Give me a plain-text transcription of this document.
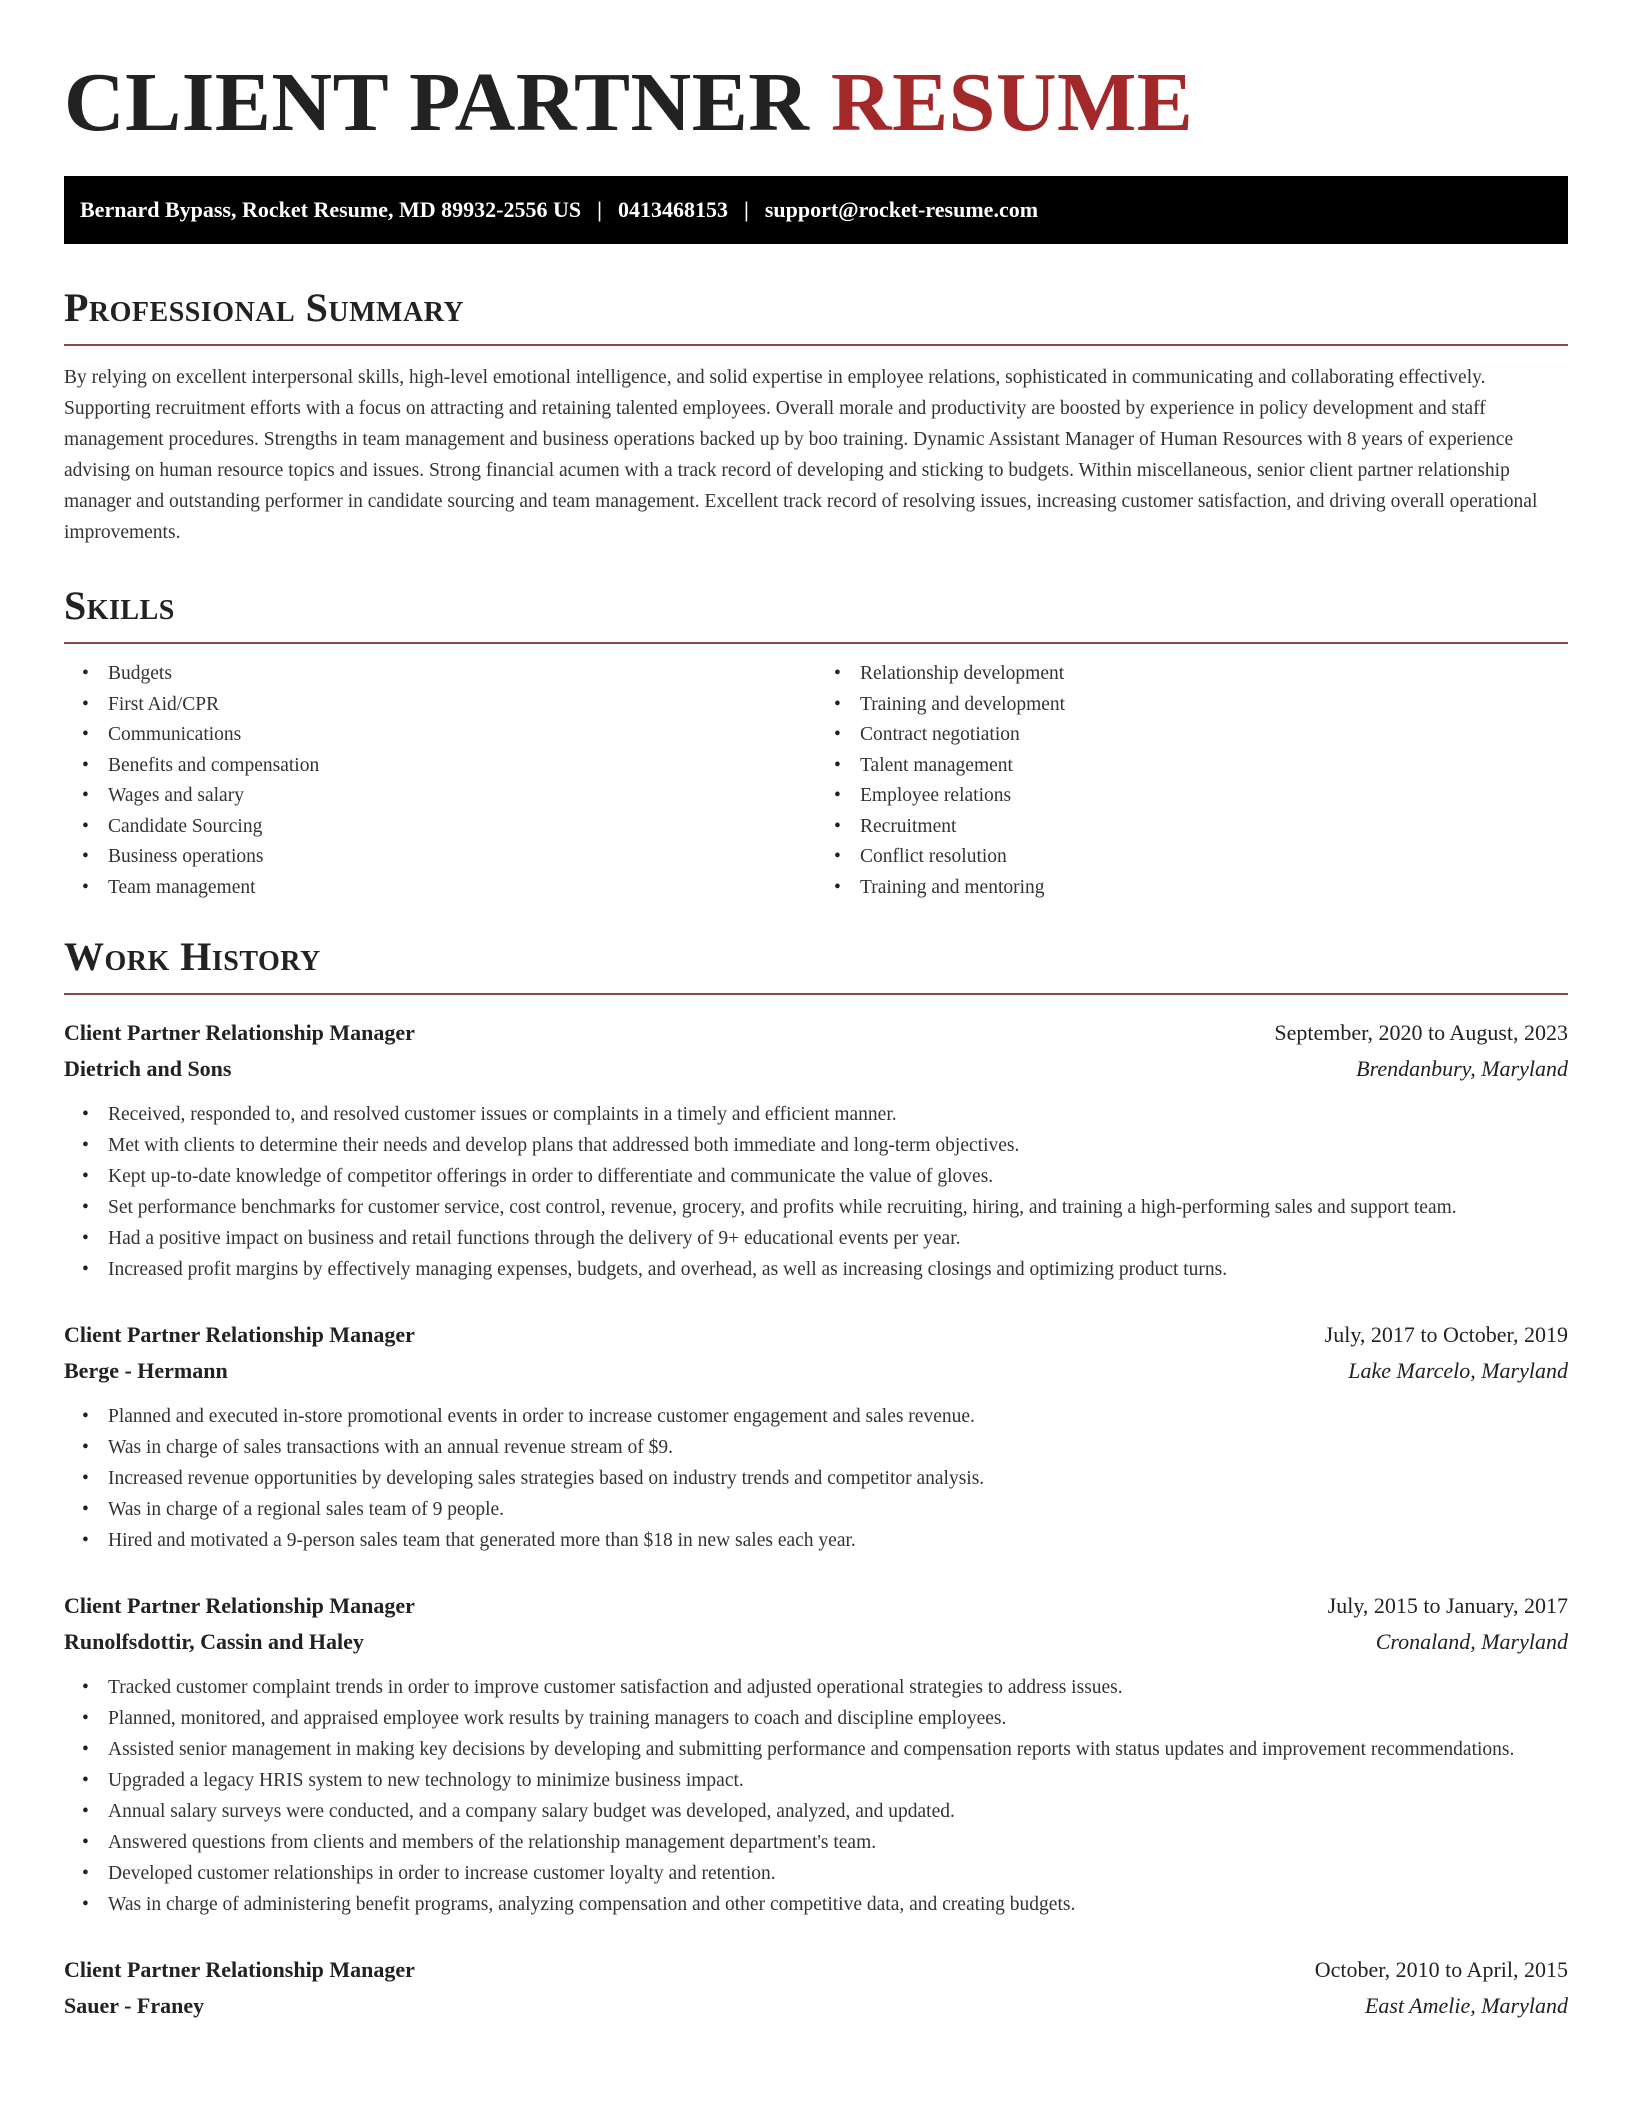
CLIENT PARTNER RESUME
Bernard Bypass, Rocket Resume, MD 89932-2556 US | 0413468153 | support@rocket-resume.com
Professional Summary

By relying on excellent interpersonal skills, high-level emotional intelligence, and solid expertise in employee relations, sophisticated in communicating and collaborating effectively. Supporting recruitment efforts with a focus on attracting and retaining talented employees. Overall morale and productivity are boosted by experience in policy development and staff management procedures. Strengths in team management and business operations backed up by boo training. Dynamic Assistant Manager of Human Resources with 8 years of experience advising on human resource topics and issues. Strong financial acumen with a track record of developing and sticking to budgets. Within miscellaneous, senior client partner relationship manager and outstanding performer in candidate sourcing and team management. Excellent track record of resolving issues, increasing customer satisfaction, and driving overall operational improvements.

Skills
• Budgets
• First Aid/CPR
• Communications
• Benefits and compensation
• Wages and salary
• Candidate Sourcing
• Business operations
• Team management
• Relationship development
• Training and development
• Contract negotiation
• Talent management
• Employee relations
• Recruitment
• Conflict resolution
• Training and mentoring
Work History
Client Partner Relationship Manager	September, 2020 to August, 2023
Dietrich and Sons	Brendanbury, Maryland
• Received, responded to, and resolved customer issues or complaints in a timely and efficient manner.
• Met with clients to determine their needs and develop plans that addressed both immediate and long-term objectives.
• Kept up-to-date knowledge of competitor offerings in order to differentiate and communicate the value of gloves.
• Set performance benchmarks for customer service, cost control, revenue, grocery, and profits while recruiting, hiring, and training a high-performing sales and support team.
• Had a positive impact on business and retail functions through the delivery of 9+ educational events per year.
• Increased profit margins by effectively managing expenses, budgets, and overhead, as well as increasing closings and optimizing product turns.
Client Partner Relationship Manager	July, 2017 to October, 2019
Berge - Hermann	Lake Marcelo, Maryland
• Planned and executed in-store promotional events in order to increase customer engagement and sales revenue.
• Was in charge of sales transactions with an annual revenue stream of $9.
• Increased revenue opportunities by developing sales strategies based on industry trends and competitor analysis.
• Was in charge of a regional sales team of 9 people.
• Hired and motivated a 9-person sales team that generated more than $18 in new sales each year.
Client Partner Relationship Manager	July, 2015 to January, 2017
Runolfsdottir, Cassin and Haley	Cronaland, Maryland
• Tracked customer complaint trends in order to improve customer satisfaction and adjusted operational strategies to address issues.
• Planned, monitored, and appraised employee work results by training managers to coach and discipline employees.
• Assisted senior management in making key decisions by developing and submitting performance and compensation reports with status updates and improvement recommendations.
• Upgraded a legacy HRIS system to new technology to minimize business impact.
• Annual salary surveys were conducted, and a company salary budget was developed, analyzed, and updated.
• Answered questions from clients and members of the relationship management department's team.
• Developed customer relationships in order to increase customer loyalty and retention.
• Was in charge of administering benefit programs, analyzing compensation and other competitive data, and creating budgets.
Client Partner Relationship Manager	October, 2010 to April, 2015
Sauer - Franey	East Amelie, Maryland
